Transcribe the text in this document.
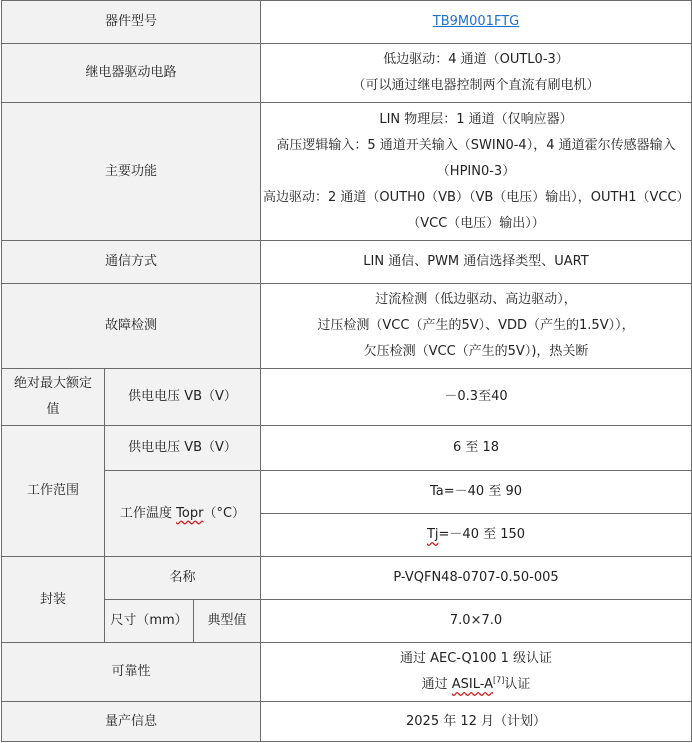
器件型号			TB9M001FTG
继电器驱动电路			低边驱动：4 通道（OUTL0-3）
（可以通过继电器控制两个直流有刷电机）

主要功能			LIN 物理层：1 通道（仅响应器）
高压逻辑输入：5 通道开关输入（SWIN0-4），4 通道霍尔传感器输入
（HPIN0-3）
高边驱动：2 通道（OUTH0（VB）（VB（电压）输出），OUTH1（VCC）
（VCC（电压）输出））

通信方式			LIN 通信、PWM 通信选择类型、UART
故障检测			过流检测（低边驱动、高边驱动），
过压检测（VCC（产生的5V）、VDD（产生的1.5V）），
欠压检测（VCC（产生的5V）)，热关断

绝对最大额定
值	供电电压 VB（V）		－0.3至40
工作范围	供电电压 VB（V）		6 至 18
	工作温度 Topr（°C）		Ta=－40 至 90
			Tj=－40 至 150
封装	名称		P-VQFN48-0707-0.50-005
	尺寸（mm）	典型值	7.0×7.0
可靠性			通过 AEC-Q100 1 级认证
通过 ASIL-A[7]认证

量产信息			2025 年 12 月（计划）
